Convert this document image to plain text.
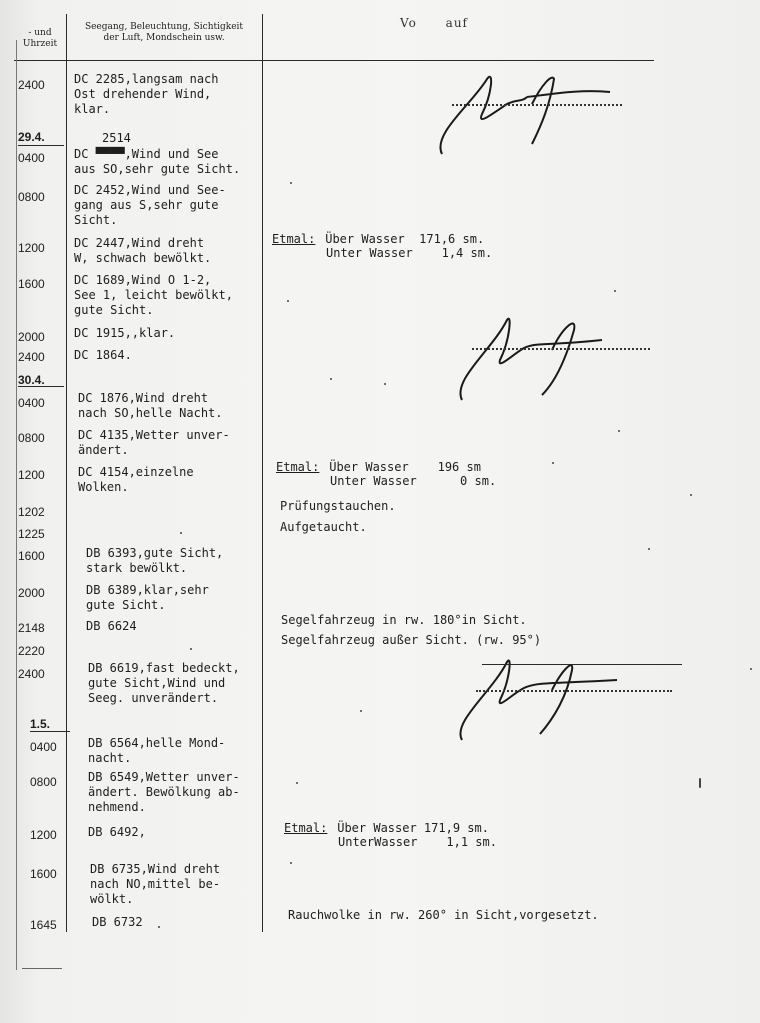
- und
Uhrzeit
Seegang, Beleuchtung, Sichtigkeit
der Luft, Mondschein usw.
Vo      auf
2400
29.4.
0400
0800
1200
1600
2000
2400
30.4.
0400
0800
1200
1202
1225
1600
2000
2148
2220
2400
1.5.
0400
0800
1200
1600
1645
DC 2285,langsam nach
Ost drehender Wind,
klar.
2514
DC ▀▀▀▀,Wind und See
aus SO,sehr gute Sicht.
DC 2452,Wind und See-
gang aus S,sehr gute
Sicht.
DC 2447,Wind dreht
W, schwach bewölkt.
DC 1689,Wind O 1-2,
See 1, leicht bewölkt,
gute Sicht.
DC 1915,,klar.
DC 1864.
DC 1876,Wind dreht
nach SO,helle Nacht.
DC 4135,Wetter unver-
ändert.
DC 4154,einzelne
Wolken.
DB 6393,gute Sicht,
stark bewölkt.
DB 6389,klar,sehr
gute Sicht.
DB 6624
DB 6619,fast bedeckt,
gute Sicht,Wind und
Seeg. unverändert.
DB 6564,helle Mond-
nacht.
DB 6549,Wetter unver-
ändert. Bewölkung ab-
nehmend.
DB 6492,
DB 6735,Wind dreht
nach NO,mittel be-
wölkt.
DB 6732
Etmal: Über Wasser  171,6 sm.
Unter Wasser    1,4 sm.
Etmal: Über Wasser    196 sm
Unter Wasser      0 sm.
Prüfungstauchen.
Aufgetaucht.
Segelfahrzeug in rw. 180°in Sicht.
Segelfahrzeug außer Sicht. (rw. 95°)
Etmal: Über Wasser 171,9 sm.
UnterWasser    1,1 sm.
Rauchwolke in rw. 260° in Sicht,vorgesetzt.
